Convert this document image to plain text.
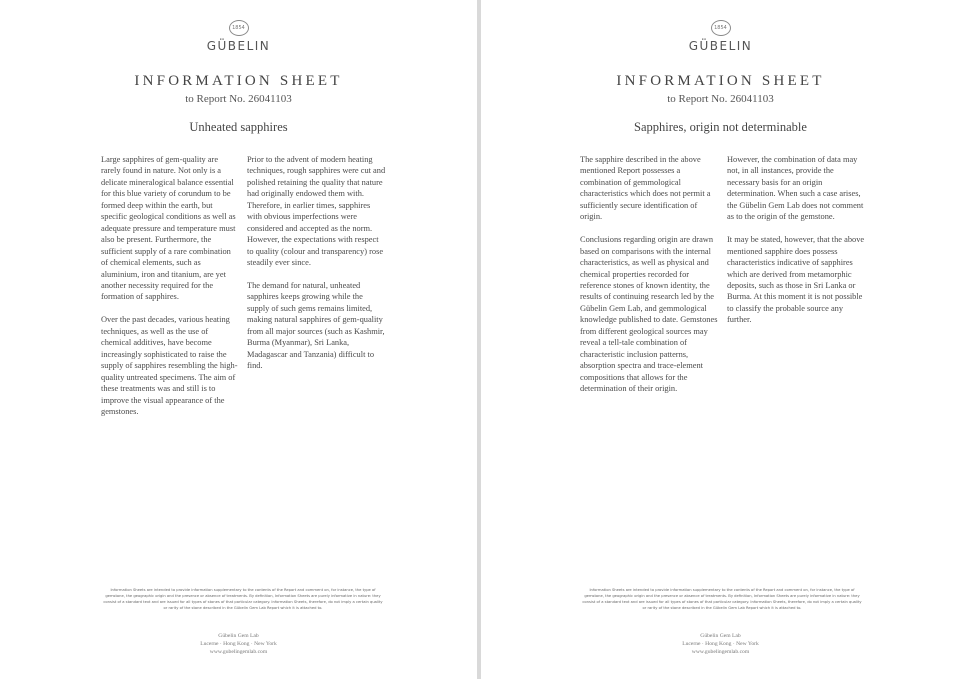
1854
GÜBELIN
INFORMATION SHEET
to Report No. 26041103
Unheated sapphires

Large sapphires of gem-quality are rarely found in nature. Not only is a delicate mineralogical balance essential for this blue variety of corundum to be formed deep within the earth, but specific geological conditions as well as adequate pressure and temperature must also be present. Furthermore, the sufficient supply of a rare combination of chemical elements, such as aluminium, iron and titanium, are yet another necessity required for the formation of sapphires.

Over the past decades, various heating techniques, as well as the use of chemical additives, have become increasingly sophisticated to raise the supply of sapphires resembling the high-quality untreated specimens. The aim of these treatments was and still is to improve the visual appearance of the gemstones.

Prior to the advent of modern heating techniques, rough sapphires were cut and polished retaining the quality that nature had originally endowed them with. Therefore, in earlier times, sapphires with obvious imperfections were considered and accepted as the norm. However, the expectations with respect to quality (colour and transparency) rose steadily ever since.

The demand for natural, unheated sapphires keeps growing while the supply of such gems remains limited, making natural sapphires of gem-quality from all major sources (such as Kashmir, Burma (Myanmar), Sri Lanka, Madagascar and Tanzania) difficult to find.

Information Sheets are intended to provide information supplementary to the contents of the Report and comment on, for instance, the type of gemstone, the geographic origin and the presence or absence of treatments. By definition, Information Sheets are purely informative in nature: they consist of a standard text and are issued for all types of stones of that particular category. Information Sheets, therefore, do not imply a certain quality or rarity of the stone described in the Gübelin Gem Lab Report which it is attached to.
Gübelin Gem Lab
Lucerne · Hong Kong · New York
www.gubelingemlab.com
1854
GÜBELIN
INFORMATION SHEET
to Report No. 26041103
Sapphires, origin not determinable

The sapphire described in the above mentioned Report possesses a combination of gemmological characteristics which does not permit a sufficiently secure identification of origin.

Conclusions regarding origin are drawn based on comparisons with the internal characteristics, as well as physical and chemical properties recorded for reference stones of known identity, the results of continuing research led by the Gübelin Gem Lab, and gemmological knowledge published to date. Gemstones from different geological sources may reveal a tell-tale combination of characteristic inclusion patterns, absorption spectra and trace-element compositions that allows for the determination of their origin.

However, the combination of data may not, in all instances, provide the necessary basis for an origin determination. When such a case arises, the Gübelin Gem Lab does not comment as to the origin of the gemstone.

It may be stated, however, that the above mentioned sapphire does possess characteristics indicative of sapphires which are derived from metamorphic deposits, such as those in Sri Lanka or Burma. At this moment it is not possible to classify the probable source any further.

Information Sheets are intended to provide information supplementary to the contents of the Report and comment on, for instance, the type of gemstone, the geographic origin and the presence or absence of treatments. By definition, Information Sheets are purely informative in nature: they consist of a standard text and are issued for all types of stones of that particular category. Information Sheets, therefore, do not imply a certain quality or rarity of the stone described in the Gübelin Gem Lab Report which it is attached to.
Gübelin Gem Lab
Lucerne · Hong Kong · New York
www.gubelingemlab.com
